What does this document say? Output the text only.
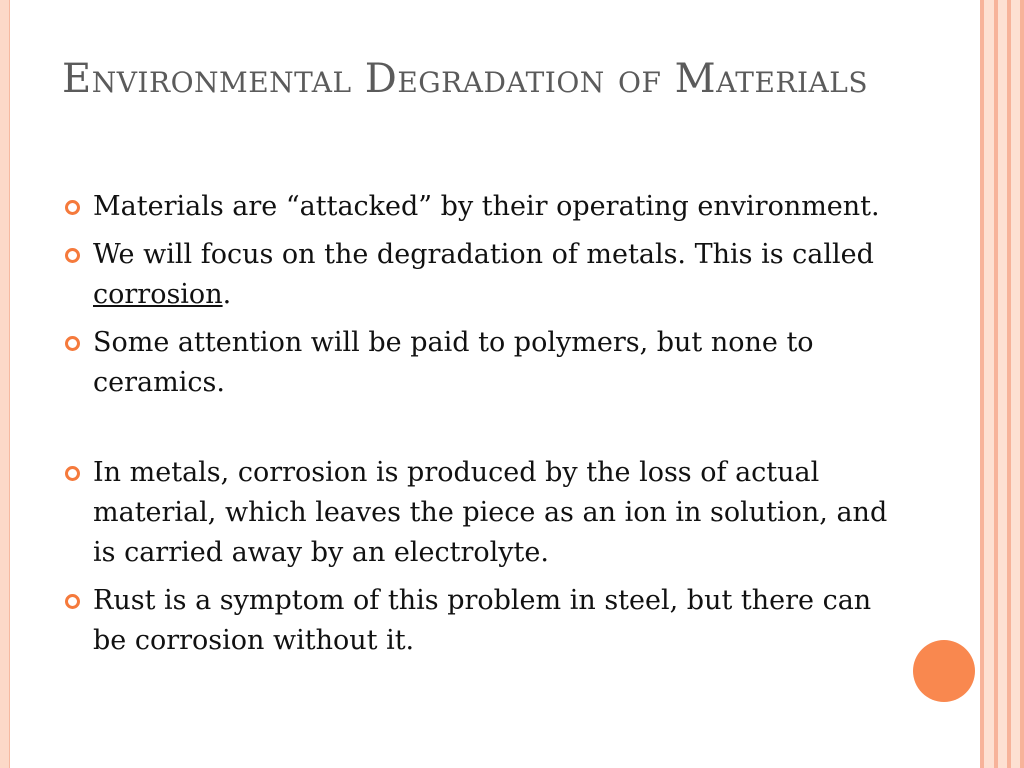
Environmental Degradation of Materials
Materials are “attacked” by their operating environment.
We will focus on the degradation of metals. This is called corrosion.
Some attention will be paid to polymers, but none to ceramics.
In metals, corrosion is produced by the loss of actual material, which leaves the piece as an ion in solution, and is carried away by an electrolyte.
Rust is a symptom of this problem in steel, but there can be corrosion without it.
